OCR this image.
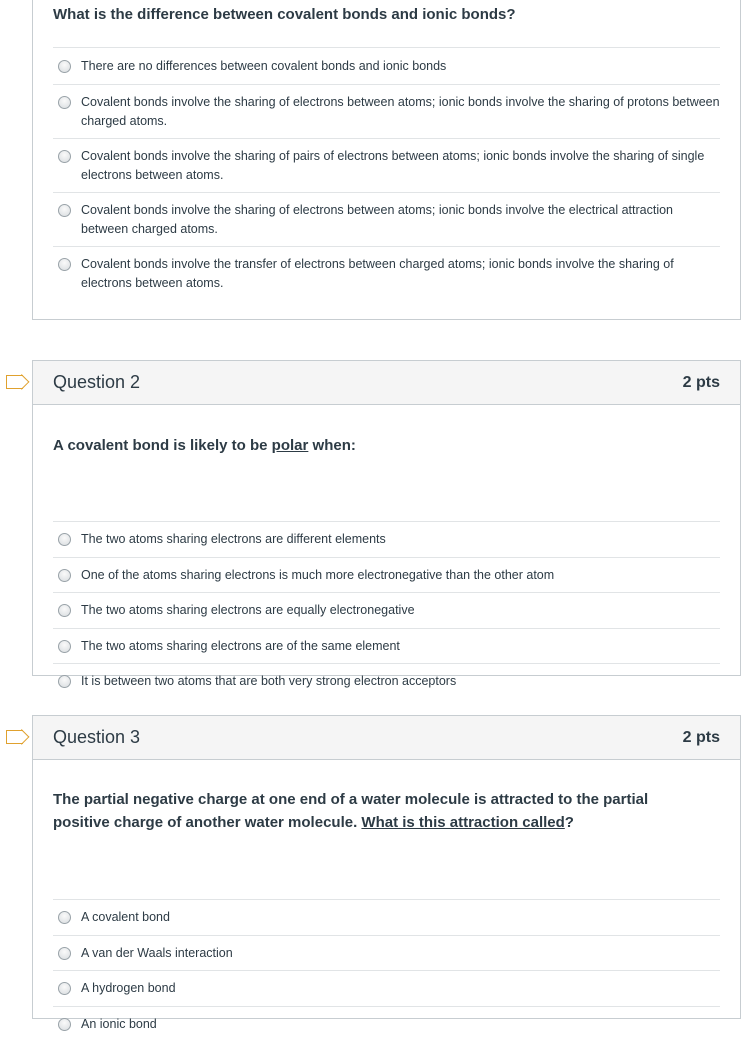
What is the difference between covalent bonds and ionic bonds?
There are no differences between covalent bonds and ionic bonds
Covalent bonds involve the sharing of electrons between atoms; ionic bonds involve the sharing of protons between charged atoms.
Covalent bonds involve the sharing of pairs of electrons between atoms; ionic bonds involve the sharing of single electrons between atoms.
Covalent bonds involve the sharing of electrons between atoms; ionic bonds involve the electrical attraction between charged atoms.
Covalent bonds involve the transfer of electrons between charged atoms; ionic bonds involve the sharing of electrons between atoms.
Question 2	2 pts
A covalent bond is likely to be polar when:
The two atoms sharing electrons are different elements
One of the atoms sharing electrons is much more electronegative than the other atom
The two atoms sharing electrons are equally electronegative
The two atoms sharing electrons are of the same element
It is between two atoms that are both very strong electron acceptors
Question 3	2 pts
The partial negative charge at one end of a water molecule is attracted to the partial positive charge of another water molecule. What is this attraction called?
A covalent bond
A van der Waals interaction
A hydrogen bond
An ionic bond
